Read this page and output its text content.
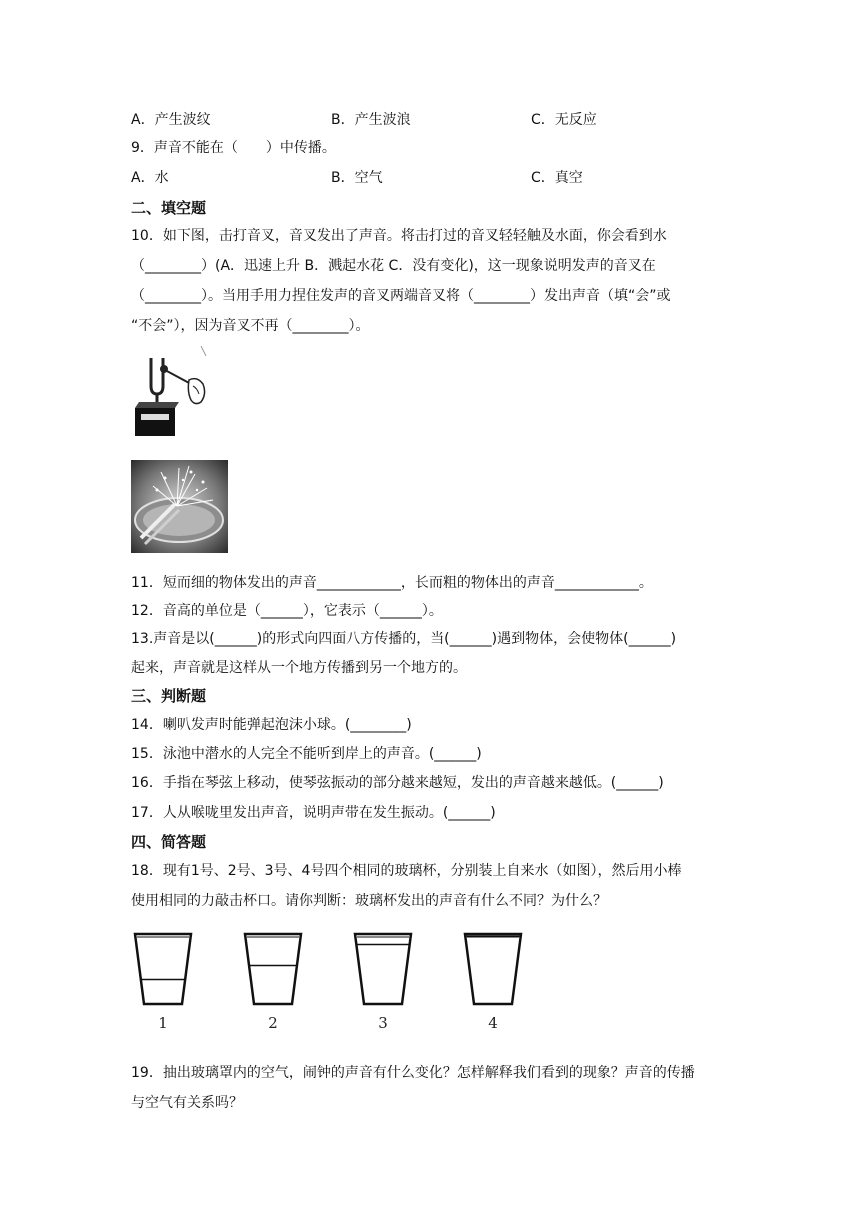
A．产生波纹	B．产生波浪	C．无反应
9．声音不能在（　　）中传播。
A．水	B．空气	C．真空
二、填空题
10．如下图，击打音叉，音叉发出了声音。将击打过的音叉轻轻触及水面，你会看到水
（________）(A．迅速上升 B．溅起水花 C．没有变化)，这一现象说明发声的音叉在
（________）。当用手用力捏住发声的音叉两端音叉将（________）发出声音（填“会”或
“不会”），因为音叉不再（________）。
11．短而细的物体发出的声音____________，长而粗的物体出的声音____________。
12．音高的单位是（______），它表示（______）。
13.声音是以(______)的形式向四面八方传播的，当(______)遇到物体，会使物体(______)
起来，声音就是这样从一个地方传播到另一个地方的。
三、判断题
14．喇叭发声时能弹起泡沫小球。(________)
15．泳池中潜水的人完全不能听到岸上的声音。(______)
16．手指在琴弦上移动，使琴弦振动的部分越来越短，发出的声音越来越低。(______)
17．人从喉咙里发出声音，说明声带在发生振动。(______)
四、简答题
18．现有1号、2号、3号、4号四个相同的玻璃杯，分别装上自来水（如图），然后用小棒
使用相同的力敲击杯口。请你判断：玻璃杯发出的声音有什么不同？为什么？
1	2	3	4
19．抽出玻璃罩内的空气，闹钟的声音有什么变化？怎样解释我们看到的现象？声音的传播
与空气有关系吗？
